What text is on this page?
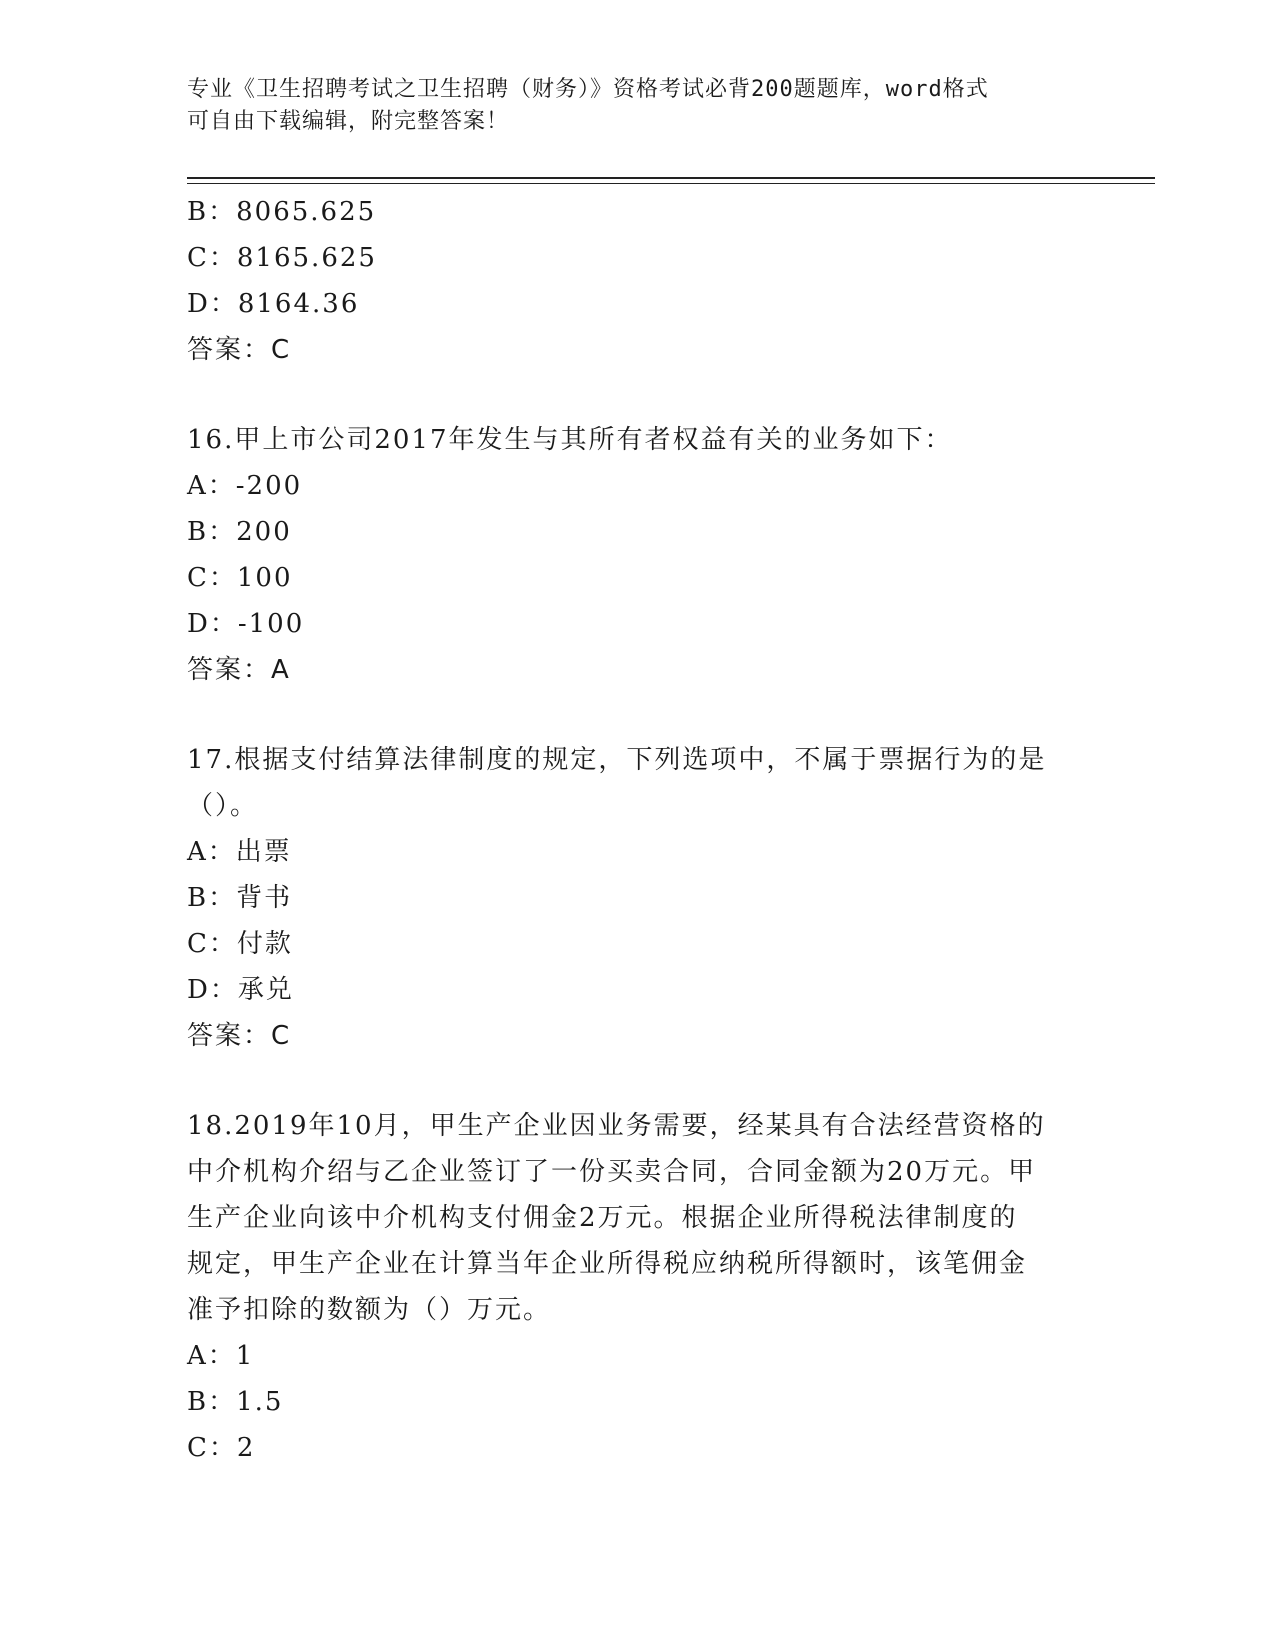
专业《卫生招聘考试之卫生招聘（财务）》资格考试必背200题题库，word格式
可自由下载编辑，附完整答案！
B：8065.625
C：8165.625
D：8164.36
答案：C
16.甲上市公司2017年发生与其所有者权益有关的业务如下：
A：-200
B：200
C：100
D：-100
答案：A
17.根据支付结算法律制度的规定，下列选项中，不属于票据行为的是
（）。
A：出票
B：背书
C：付款
D：承兑
答案：C
18.2019年10月，甲生产企业因业务需要，经某具有合法经营资格的
中介机构介绍与乙企业签订了一份买卖合同，合同金额为20万元。甲
生产企业向该中介机构支付佣金2万元。根据企业所得税法律制度的
规定，甲生产企业在计算当年企业所得税应纳税所得额时，该笔佣金
准予扣除的数额为（）万元。
A：1
B：1.5
C：2
